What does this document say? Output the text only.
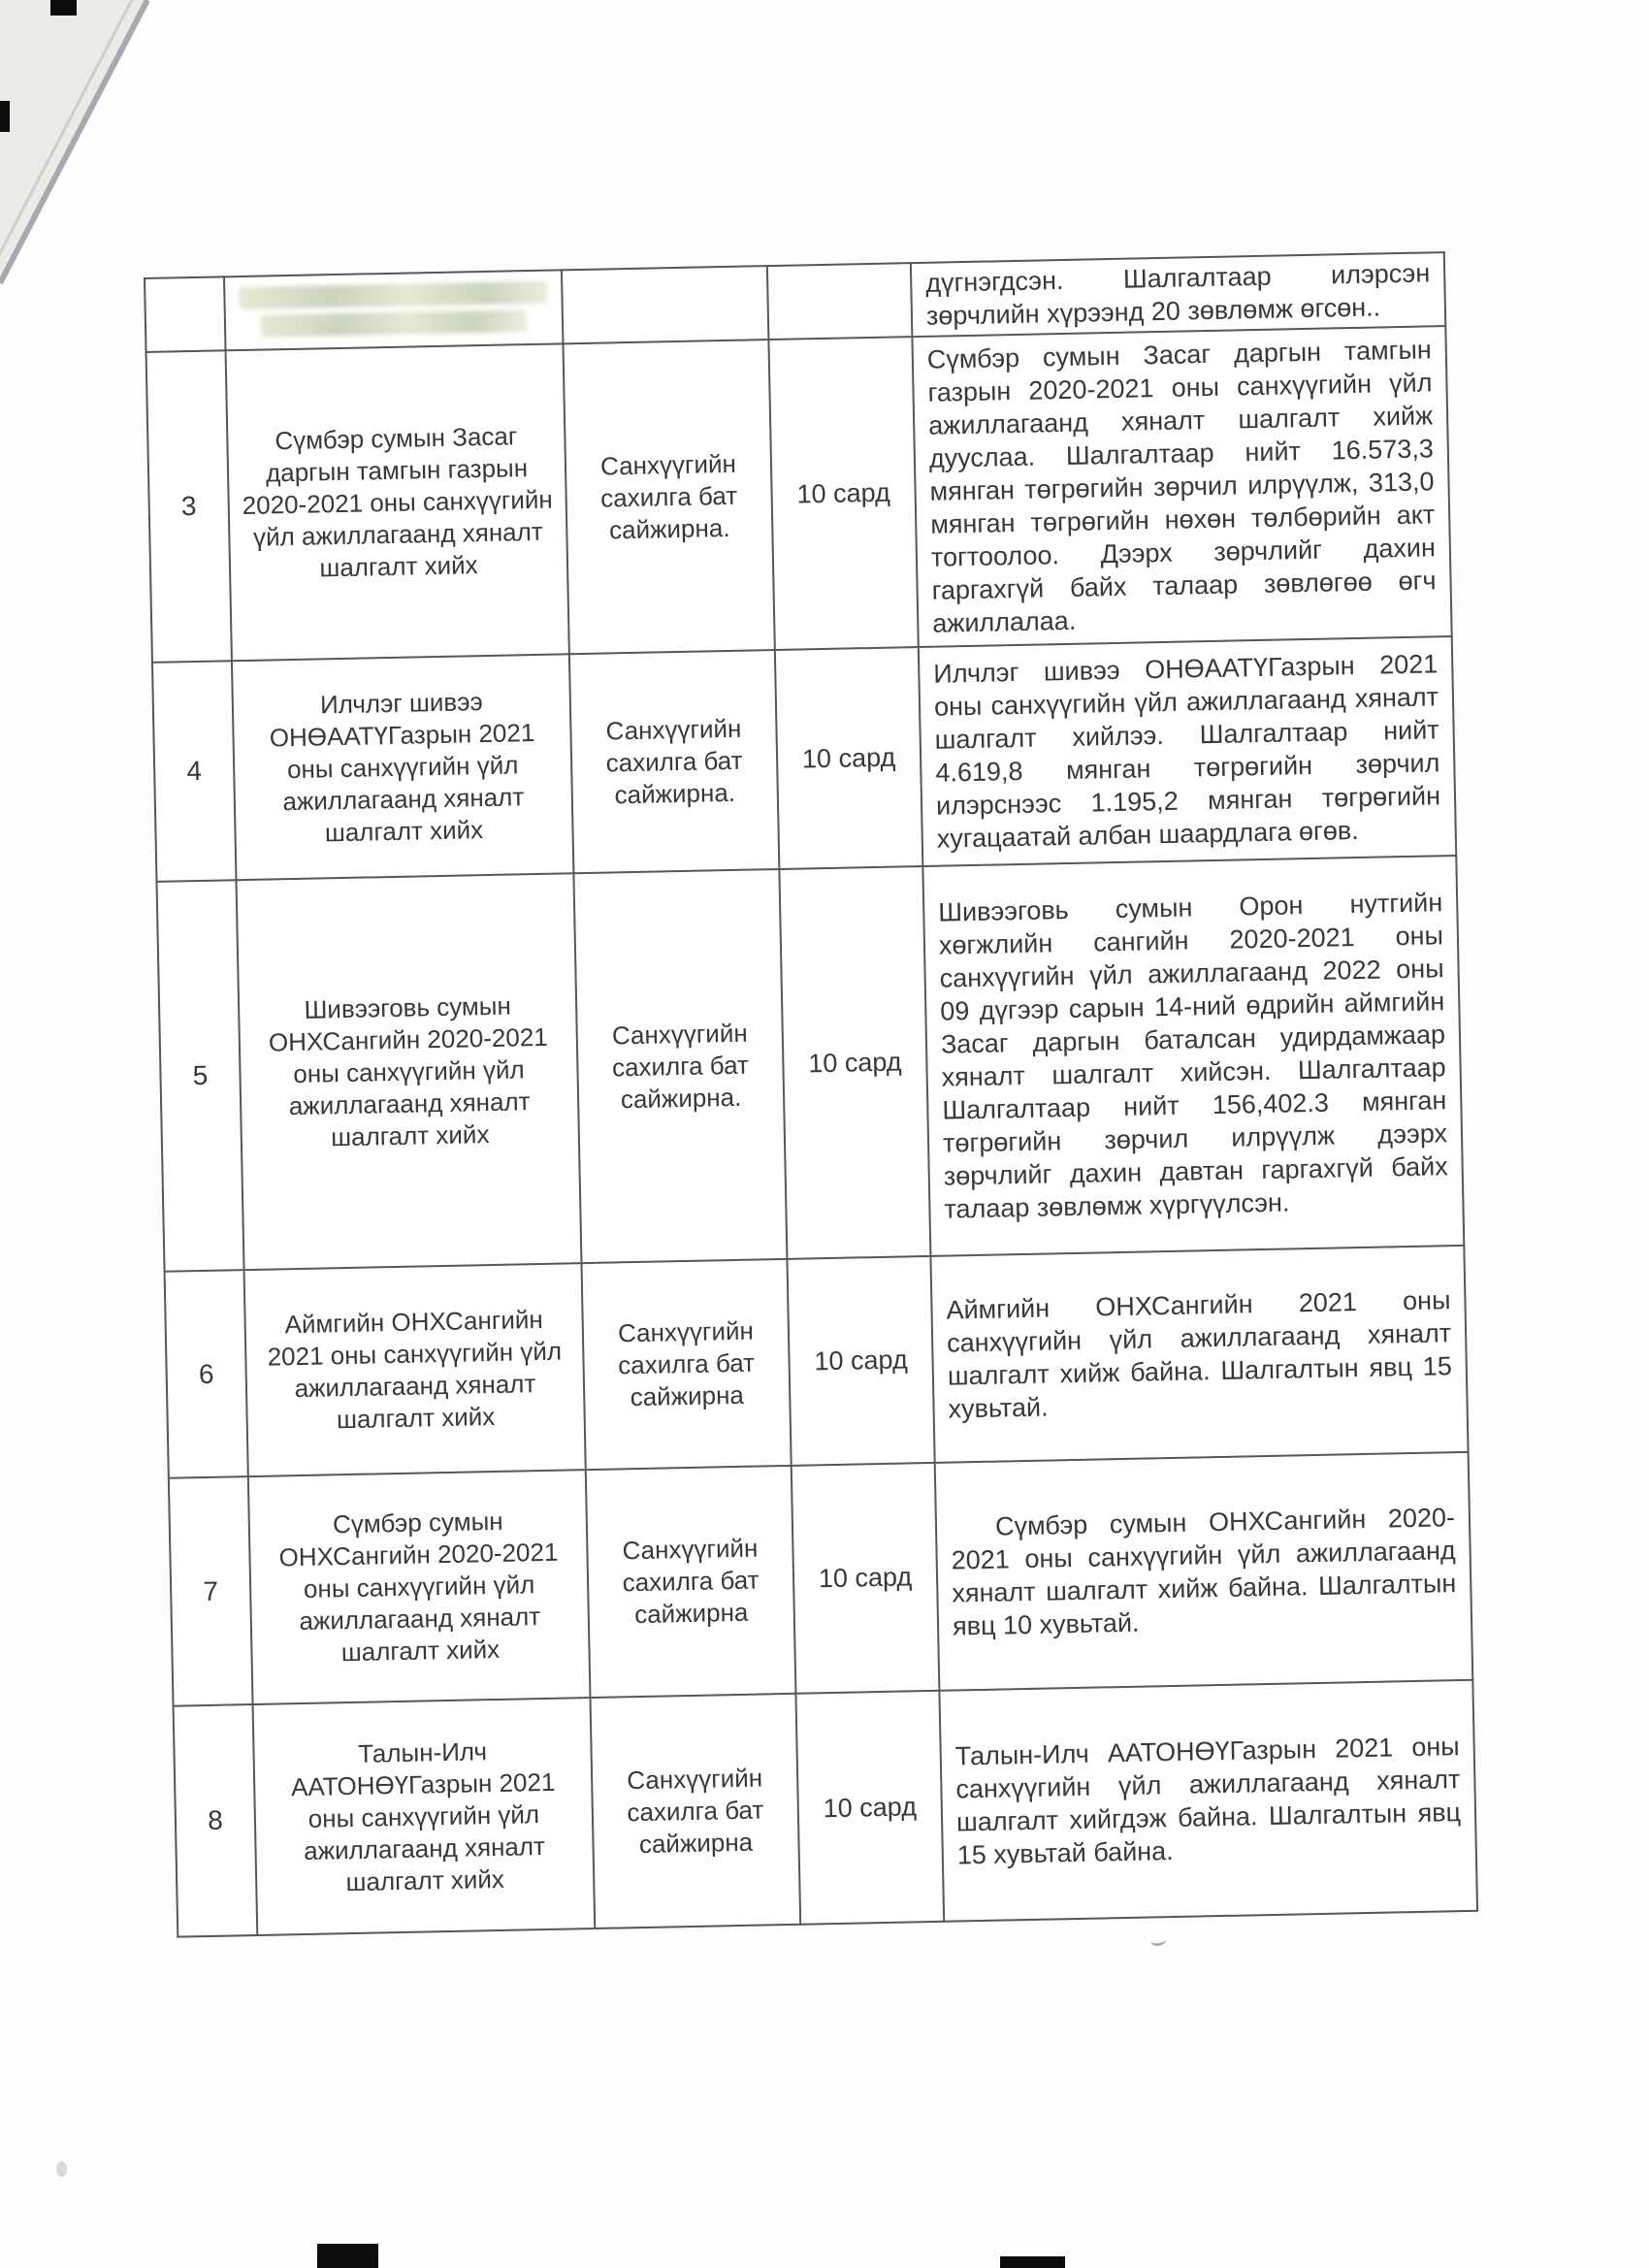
			дүгнэгдсэн. Шалгалтаар илэрсэн зөрчлийн хүрээнд 20 зөвлөмж өгсөн..
3	Сүмбэр сумын Засаг даргын тамгын газрын 2020-2021 оны санхүүгийн үйл ажиллагаанд хяналт шалгалт хийх	Санхүүгийн сахилга бат сайжирна.	10 сард	Сүмбэр сумын Засаг даргын тамгын газрын 2020-2021 оны санхүүгийн үйл ажиллагаанд хяналт шалгалт хийж дууслаа. Шалгалтаар нийт 16.573,3 мянган төгрөгийн зөрчил илрүүлж, 313,0 мянган төгрөгийн нөхөн төлбөрийн акт тогтоолоо. Дээрх зөрчлийг дахин гаргахгүй байх талаар зөвлөгөө өгч ажиллалаа.
4	Илчлэг шивээ ОНӨААТҮГазрын 2021 оны санхүүгийн үйл ажиллагаанд хяналт шалгалт хийх	Санхүүгийн сахилга бат сайжирна.	10 сард	Илчлэг шивээ ОНӨААТҮГазрын 2021 оны санхүүгийн үйл ажиллагаанд хяналт шалгалт хийлээ. Шалгалтаар нийт 4.619,8 мянган төгрөгийн зөрчил илэрснээс 1.195,2 мянган төгрөгийн хугацаатай албан шаардлага өгөв.
5	Шивээговь сумын ОНХСангийн 2020-2021 оны санхүүгийн үйл ажиллагаанд хяналт шалгалт хийх	Санхүүгийн сахилга бат сайжирна.	10 сард	Шивээговь сумын Орон нутгийн хөгжлийн сангийн 2020-2021 оны санхүүгийн үйл ажиллагаанд 2022 оны 09 дүгээр сарын 14-ний өдрийн аймгийн Засаг даргын баталсан удирдамжаар хяналт шалгалт хийсэн. Шалгалтаар Шалгалтаар нийт 156,402.3 мянган төгрөгийн зөрчил илрүүлж дээрх зөрчлийг дахин давтан гаргахгүй байх талаар зөвлөмж хүргүүлсэн.
6	Аймгийн ОНХСангийн 2021 оны санхүүгийн үйл ажиллагаанд хяналт шалгалт хийх	Санхүүгийн сахилга бат сайжирна	10 сард	Аймгийн ОНХСангийн 2021 оны санхүүгийн үйл ажиллагаанд хяналт шалгалт хийж байна. Шалгалтын явц 15 хувьтай.
7	Сүмбэр сумын ОНХСангийн 2020-2021 оны санхүүгийн үйл ажиллагаанд хяналт шалгалт хийх	Санхүүгийн сахилга бат сайжирна	10 сард	Сүмбэр сумын ОНХСангийн 2020-2021 оны санхүүгийн үйл ажиллагаанд хяналт шалгалт хийж байна. Шалгалтын явц 10 хувьтай.
8	Талын-Илч ААТОНӨҮГазрын 2021 оны санхүүгийн үйл ажиллагаанд хяналт шалгалт хийх	Санхүүгийн сахилга бат сайжирна	10 сард	Талын-Илч ААТОНӨҮГазрын 2021 оны санхүүгийн үйл ажиллагаанд хяналт шалгалт хийгдэж байна. Шалгалтын явц 15 хувьтай байна.
